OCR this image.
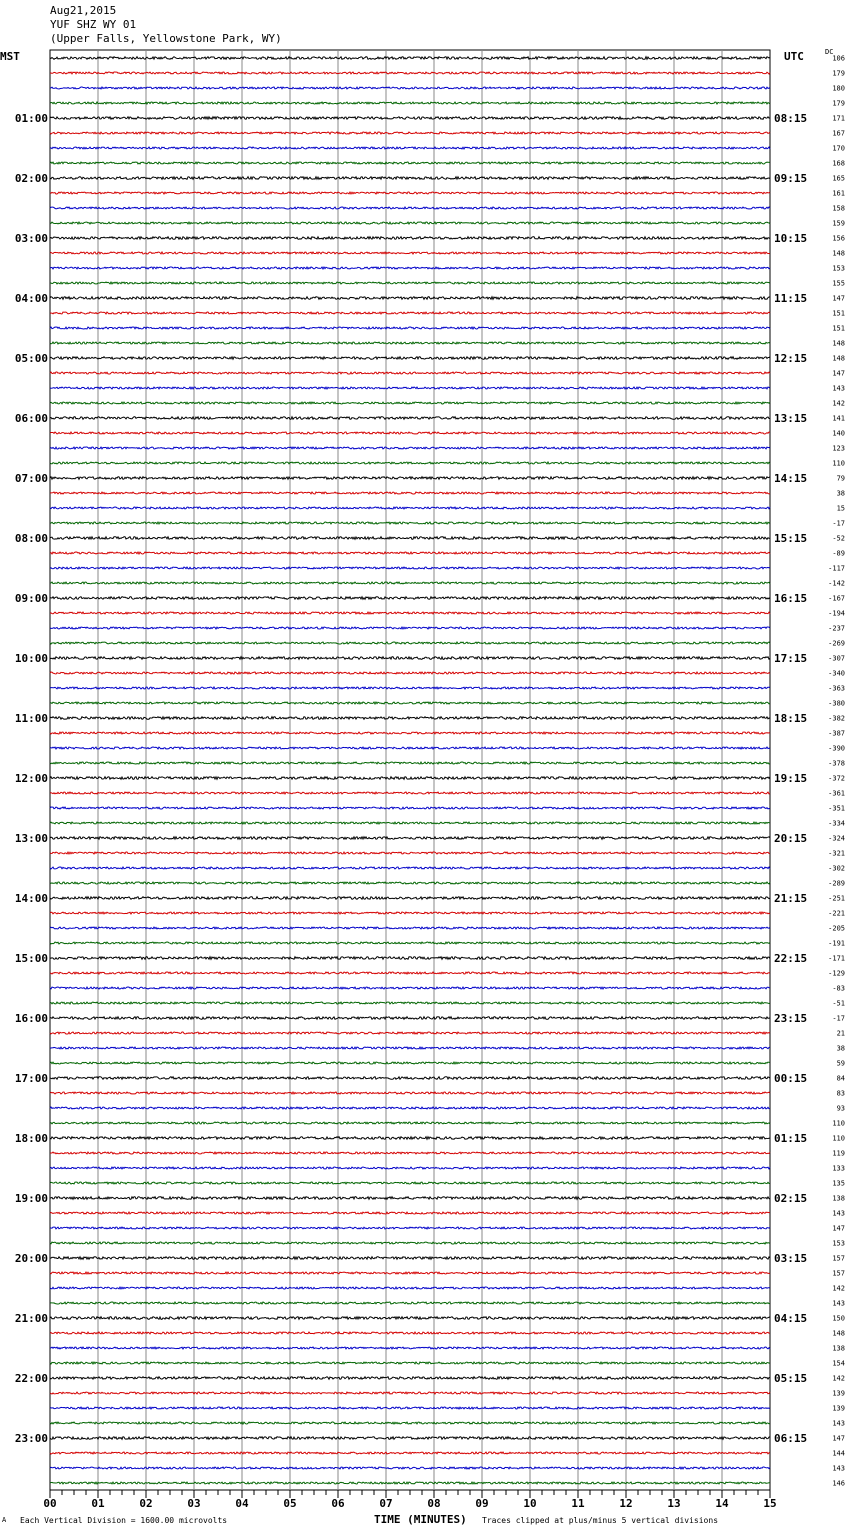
Aug21,2015
YUF SHZ WY 01
(Upper Falls, Yellowstone Park, WY)
MST	UTC	DC
106
179
180
179
171
167
170
168
165
161
158
159
156
148
153
155
147
151
151
148
148
147
143
142
141
140
123
110
79
38
15
-17
-52
-89
-117
-142
-167
-194
-237
-269
-307
-340
-363
-380
-382
-387
-390
-378
-372
-361
-351
-334
-324
-321
-302
-289
-251
-221
-205
-191
-171
-129
-83
-51
-17
21
38
59
84
83
93
110
110
119
133
135
138
143
147
153
157
157
142
143
150
148
138
154
142
139
139
143
147
144
143
146
01:00	08:15
02:00	09:15
03:00	10:15
04:00	11:15
05:00	12:15
06:00	13:15
07:00	14:15
08:00	15:15
09:00	16:15
10:00	17:15
11:00	18:15
12:00	19:15
13:00	20:15
14:00	21:15
15:00	22:15
16:00	23:15
17:00	00:15
18:00	01:15
19:00	02:15
20:00	03:15
21:00	04:15
22:00	05:15
23:00	06:15
00	01	02	03	04	05	06	07	08	09	10	11	12	13	14	15
A Each Vertical Division = 1600.00 microvolts	TIME (MINUTES) Traces clipped at plus/minus 5 vertical divisions
